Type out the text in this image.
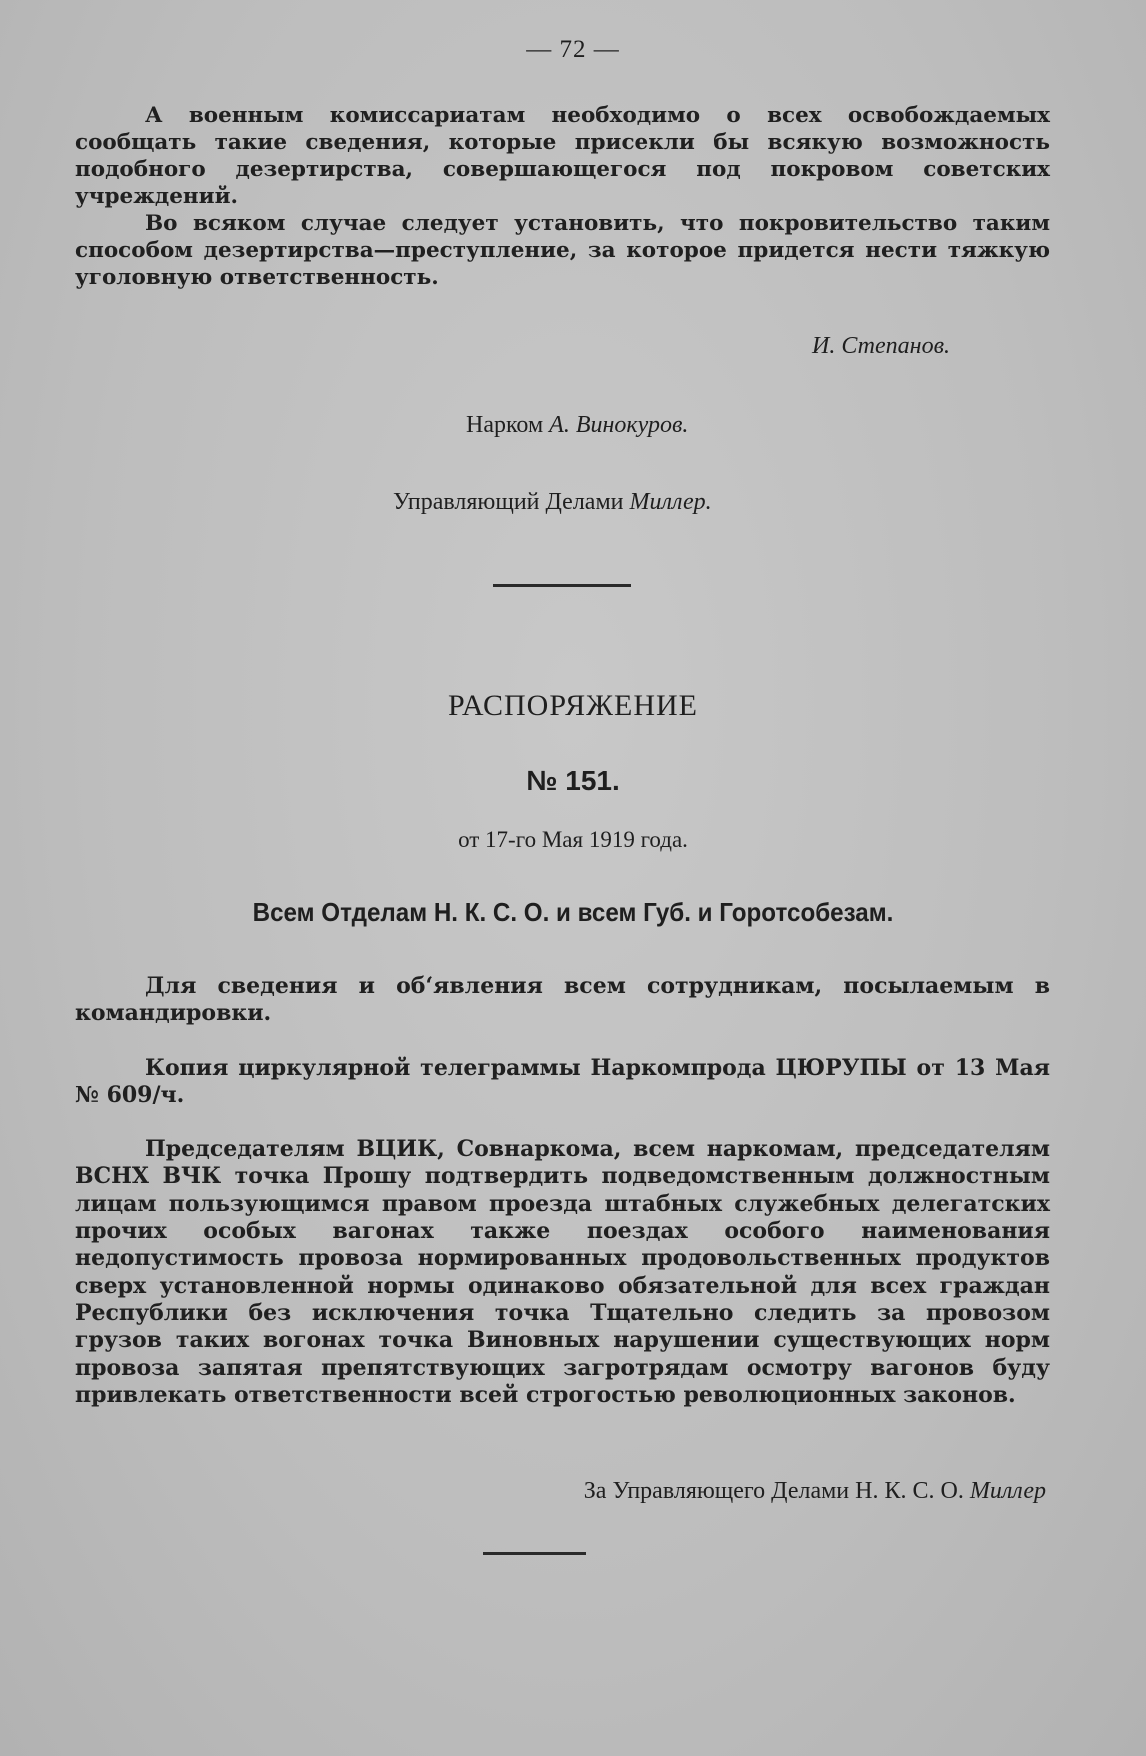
— 72 —

А военным комиссариатам необходимо о всех освобождаемых сообщать такие сведения, которые присекли бы всякую возможность подобного дезертирства, совершающегося под покровом советских учреждений.

Во всяком случае следует установить, что покровительство таким способом дезертирства—преступление, за которое придется нести тяжкую уголовную ответственность.

И. Степанов.
Нарком А. Винокуров.
Управляющий Делами Миллер.
РАСПОРЯЖЕНИЕ
№ 151.
от 17-го Мая 1919 года.
Всем Отделам Н. К. С. О. и всем Губ. и Горотсобезам.

Для сведения и об‘явления всем сотрудникам, посылаемым в командировки.

Копия циркулярной телеграммы Наркомпрода ЦЮРУПЫ от 13 Мая № 609/ч.

Председателям ВЦИК, Совнаркома, всем наркомам, председателям ВСНХ ВЧК точка Прошу подтвердить подведомственным должностным лицам пользующимся правом проезда штабных служебных делегатских прочих особых вагонах также поездах особого наименования недопустимость провоза нормированных продовольственных продуктов сверх установленной нормы одинаково обязательной для всех граждан Республики без исключения точка Тщательно следить за провозом грузов таких вогонах точка Виновных нарушении существующих норм провоза запятая препятствующих загротрядам осмотру вагонов буду привлекать ответственности всей строгостью революционных законов.

За Управляющего Делами Н. К. С. О. Миллер
